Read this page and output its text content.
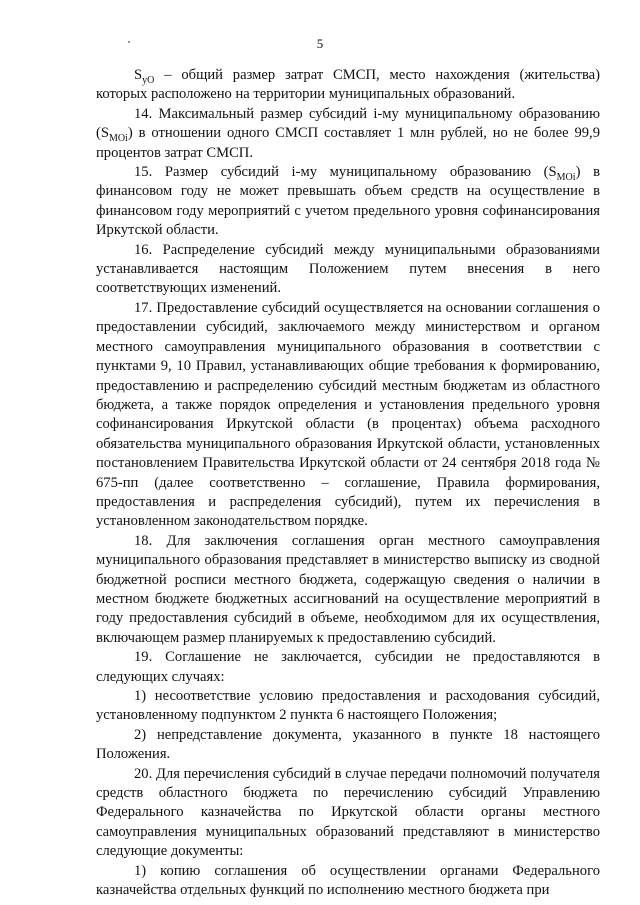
5

$S_{yO}$ – общий размер затрат СМСП, место нахождения (жительства) которых расположено на территории муниципальных образований.

14. Максимальный размер субсидий i-му муниципальному образованию $(S_{MOi})$ в отношении одного СМСП составляет 1 млн рублей, но не более 99,9 процентов затрат СМСП.

15. Размер субсидий i-му муниципальному образованию $(S_{MOi})$ в финансовом году не может превышать объем средств на осуществление в финансовом году мероприятий с учетом предельного уровня софинансирования Иркутской области.

16. Распределение субсидий между муниципальными образованиями устанавливается настоящим Положением путем внесения в него соответствующих изменений.

17. Предоставление субсидий осуществляется на основании соглашения о предоставлении субсидий, заключаемого между министерством и органом местного самоуправления муниципального образования в соответствии с пунктами 9, 10 Правил, устанавливающих общие требования к формированию, предоставлению и распределению субсидий местным бюджетам из областного бюджета, а также порядок определения и установления предельного уровня софинансирования Иркутской области (в процентах) объема расходного обязательства муниципального образования Иркутской области, установленных постановлением Правительства Иркутской области от 24 сентября 2018 года № 675-пп (далее соответственно – соглашение, Правила формирования, предоставления и распределения субсидий), путем их перечисления в установленном законодательством порядке.

18. Для заключения соглашения орган местного самоуправления муниципального образования представляет в министерство выписку из сводной бюджетной росписи местного бюджета, содержащую сведения о наличии в местном бюджете бюджетных ассигнований на осуществление мероприятий в году предоставления субсидий в объеме, необходимом для их осуществления, включающем размер планируемых к предоставлению субсидий.

19. Соглашение не заключается, субсидии не предоставляются в следующих случаях:

1) несоответствие условию предоставления и расходования субсидий, установленному подпунктом 2 пункта 6 настоящего Положения;

2) непредставление документа, указанного в пункте 18 настоящего Положения.

20. Для перечисления субсидий в случае передачи полномочий получателя средств областного бюджета по перечислению субсидий Управлению Федерального казначейства по Иркутской области органы местного самоуправления муниципальных образований представляют в министерство следующие документы:

1) копию соглашения об осуществлении органами Федерального казначейства отдельных функций по исполнению местного бюджета при
